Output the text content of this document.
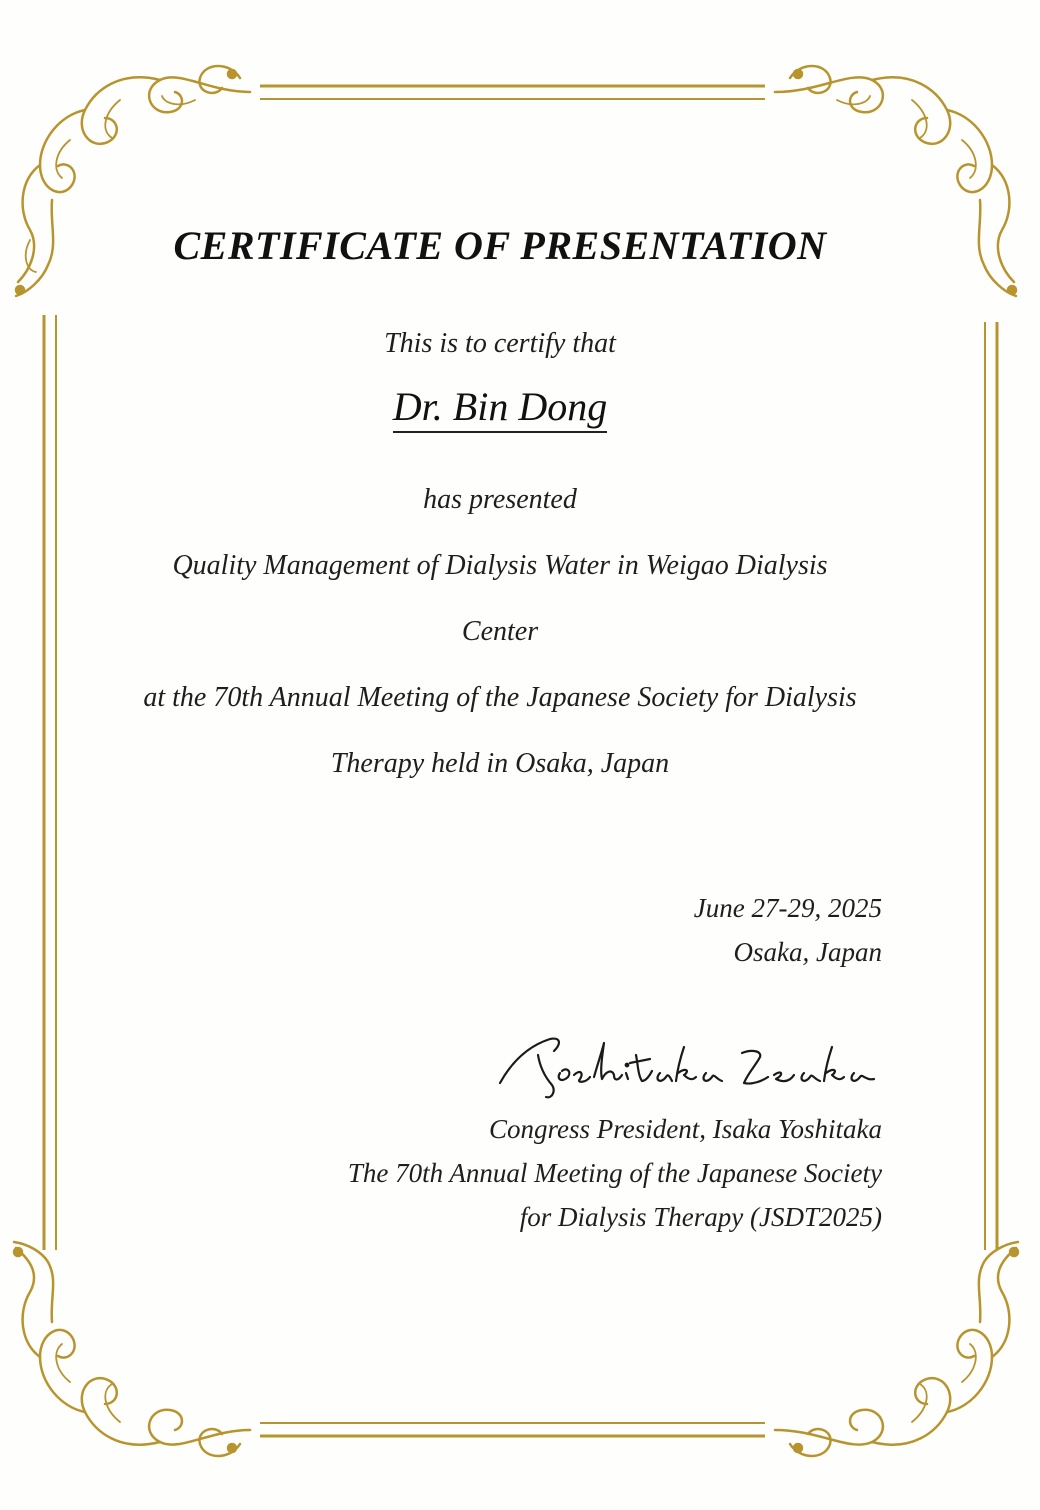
CERTIFICATE OF PRESENTATION
This is to certify that
Dr. Bin Dong
has presented
Quality Management of Dialysis Water in Weigao Dialysis
Center
at the 70th Annual Meeting of the Japanese Society for Dialysis
Therapy held in Osaka, Japan
June 27-29, 2025
Osaka, Japan
Congress President, Isaka Yoshitaka
The 70th Annual Meeting of the Japanese Society
for Dialysis Therapy (JSDT2025)
